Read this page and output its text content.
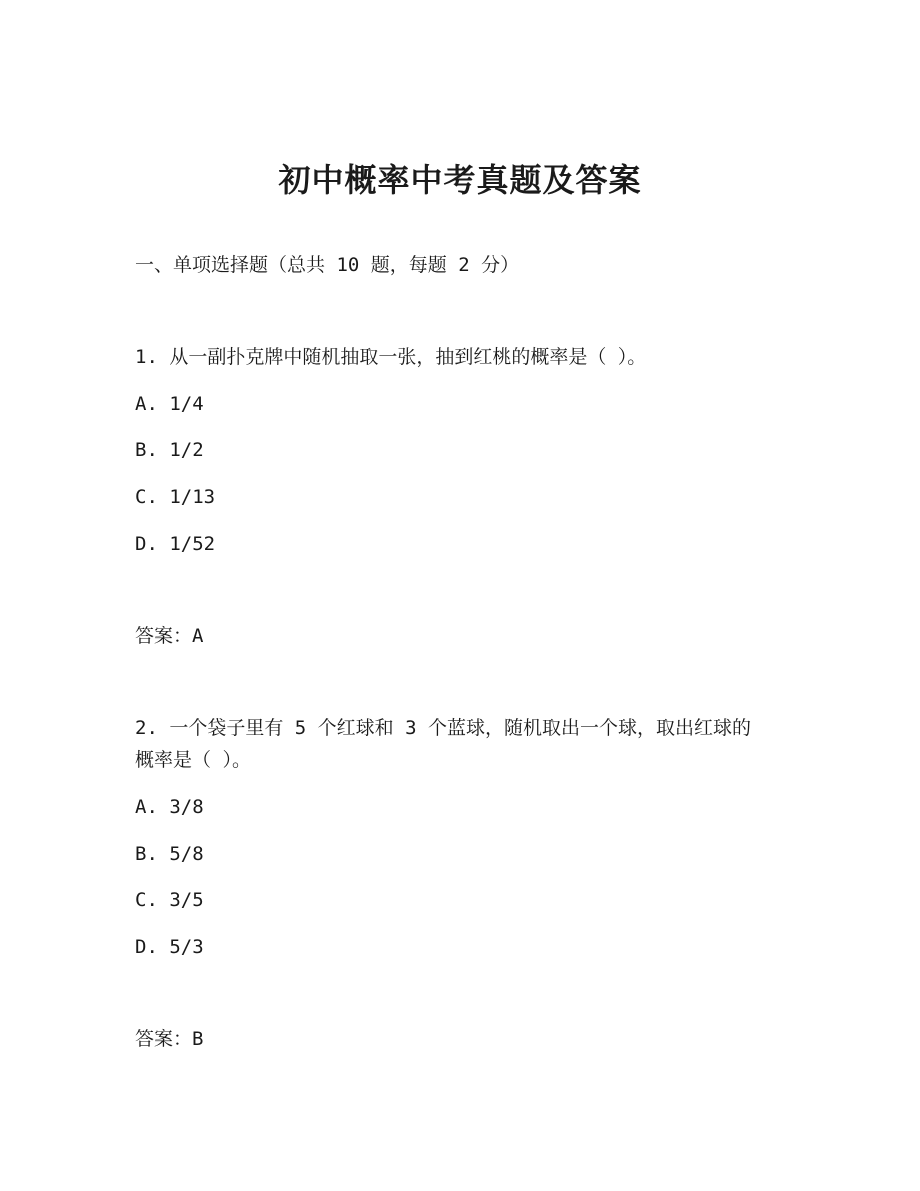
初中概率中考真题及答案

一、单项选择题（总共 10 题，每题 2 分）

1. 从一副扑克牌中随机抽取一张，抽到红桃的概率是（ ）。

A. 1/4

B. 1/2

C. 1/13

D. 1/52

答案：A

2. 一个袋子里有 5 个红球和 3 个蓝球，随机取出一个球，取出红球的

概率是（ ）。

A. 3/8

B. 5/8

C. 3/5

D. 5/3

答案：B
